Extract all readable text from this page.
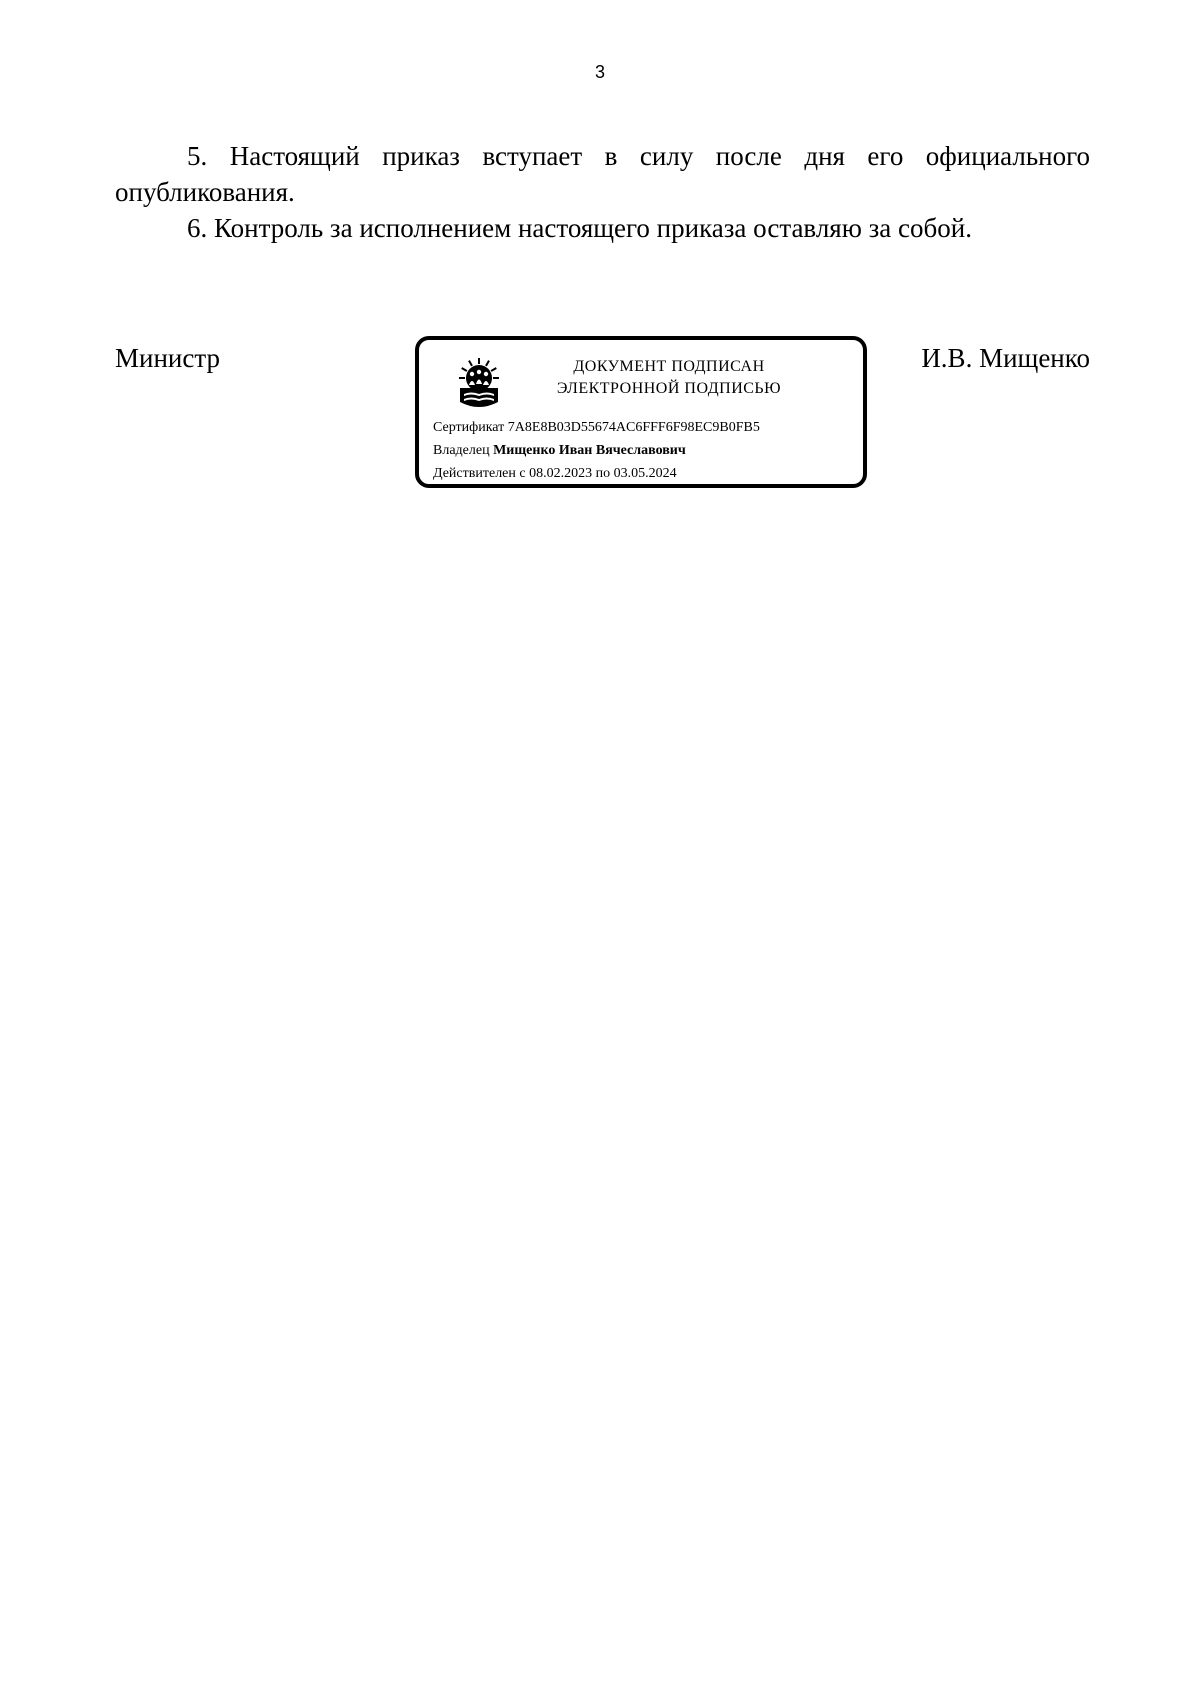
3

5. Настоящий приказ вступает в силу после дня его официального опубликования.

6. Контроль за исполнением настоящего приказа оставляю за собой.

Министр	ДОКУМЕНТ ПОДПИСАН
ЭЛЕКТРОННОЙ ПОДПИСЬЮ
Сертификат 7A8E8B03D55674AC6FFF6F98EC9B0FB5
Владелец Мищенко Иван Вячеславович
Действителен с 08.02.2023 по 03.05.2024
И.В. Мищенко
